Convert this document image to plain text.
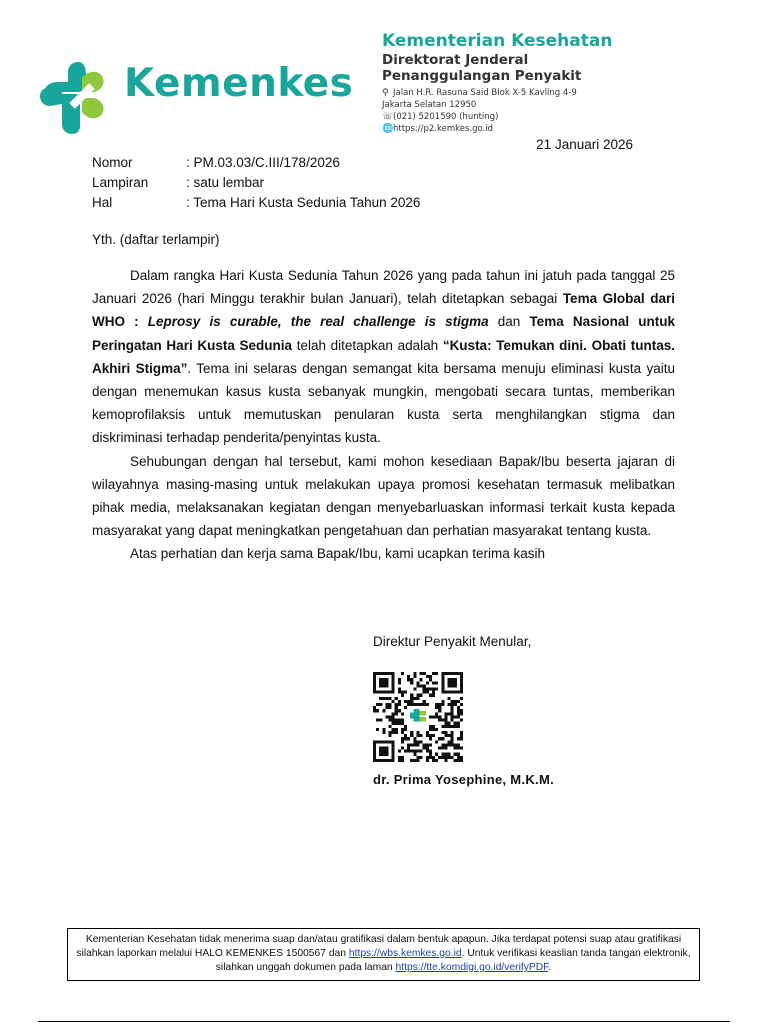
Kemenkes
Kementerian Kesehatan
Direktorat Jenderal
Penanggulangan Penyakit
⚲ Jalan H.R. Rasuna Said Blok X-5 Kavling 4-9
Jakarta Selatan 12950
☏(021) 5201590 (hunting)
🌐https://p2.kemkes.go.id
21 Januari 2026
Nomor	: PM.03.03/C.III/178/2026
Lampiran	: satu lembar
Hal	: Tema Hari Kusta Sedunia Tahun 2026
Yth. (daftar terlampir)

Dalam rangka Hari Kusta Sedunia Tahun 2026 yang pada tahun ini jatuh pada tanggal 25 Januari 2026 (hari Minggu terakhir bulan Januari), telah ditetapkan sebagai Tema Global dari WHO : Leprosy is curable, the real challenge is stigma dan Tema Nasional untuk Peringatan Hari Kusta Sedunia telah ditetapkan adalah “Kusta: Temukan dini. Obati tuntas. Akhiri Stigma”. Tema ini selaras dengan semangat kita bersama menuju eliminasi kusta yaitu dengan menemukan kasus kusta sebanyak mungkin, mengobati secara tuntas, memberikan kemoprofilaksis untuk memutuskan penularan kusta serta menghilangkan stigma dan diskriminasi terhadap penderita/penyintas kusta.

Sehubungan dengan hal tersebut, kami mohon kesediaan Bapak/Ibu beserta jajaran di wilayahnya masing-masing untuk melakukan upaya promosi kesehatan termasuk melibatkan pihak media, melaksanakan kegiatan dengan menyebarluaskan informasi terkait kusta kepada masyarakat yang dapat meningkatkan pengetahuan dan perhatian masyarakat tentang kusta.

Atas perhatian dan kerja sama Bapak/Ibu, kami ucapkan terima kasih

Direktur Penyakit Menular,
dr. Prima Yosephine, M.K.M.
Kementerian Kesehatan tidak menerima suap dan/atau gratifikasi dalam bentuk apapun. Jika terdapat potensi suap atau gratifikasi silahkan laporkan melalui HALO KEMENKES 1500567 dan https://wbs.kemkes.go.id. Untuk verifikasi keaslian tanda tangan elektronik, silahkan unggah dokumen pada laman https://tte.komdigi.go.id/verifyPDF.
